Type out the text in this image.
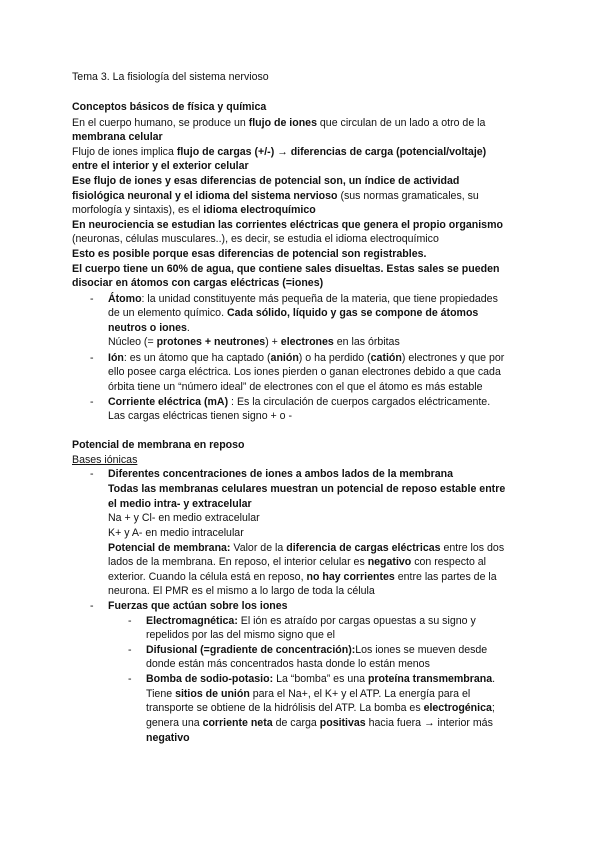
Tema 3. La fisiología del sistema nervioso
Conceptos básicos de física y química
En el cuerpo humano, se produce un flujo de iones que circulan de un lado a otro de la
membrana celular
Flujo de iones implica flujo de cargas (+/-) → diferencias de carga (potencial/voltaje)
entre el interior y el exterior celular
Ese flujo de iones y esas diferencias de potencial son, un índice de actividad
fisiológica neuronal y el idioma del sistema nervioso (sus normas gramaticales, su
morfología y sintaxis), es el idioma electroquímico
En neurociencia se estudian las corrientes eléctricas que genera el propio organismo
(neuronas, células musculares..), es decir, se estudia el idioma electroquímico
Esto es posible porque esas diferencias de potencial son registrables.
El cuerpo tiene un 60% de agua, que contiene sales disueltas. Estas sales se pueden
disociar en átomos con cargas eléctricas (=iones)
- Átomo: la unidad constituyente más pequeña de la materia, que tiene propiedades
de un elemento químico. Cada sólido, líquido y gas se compone de átomos
neutros o iones.
Núcleo (= protones + neutrones) + electrones en las órbitas
- Ión: es un átomo que ha captado (anión) o ha perdido (catión) electrones y que por
ello posee carga eléctrica. Los iones pierden o ganan electrones debido a que cada
órbita tiene un “número ideal” de electrones con el que el átomo es más estable
- Corriente eléctrica (mA) : Es la circulación de cuerpos cargados eléctricamente.
Las cargas eléctricas tienen signo + o -
Potencial de membrana en reposo
Bases iónicas
- Diferentes concentraciones de iones a ambos lados de la membrana
Todas las membranas celulares muestran un potencial de reposo estable entre
el medio intra- y extracelular
Na + y Cl- en medio extracelular
K+ y A- en medio intracelular
Potencial de membrana: Valor de la diferencia de cargas eléctricas entre los dos
lados de la membrana. En reposo, el interior celular es negativo con respecto al
exterior. Cuando la célula está en reposo, no hay corrientes entre las partes de la
neurona. El PMR es el mismo a lo largo de toda la célula
- Fuerzas que actúan sobre los iones
- Electromagnética: El ión es atraído por cargas opuestas a su signo y
repelidos por las del mismo signo que el
- Difusional (=gradiente de concentración):Los iones se mueven desde
donde están más concentrados hasta donde lo están menos
- Bomba de sodio-potasio: La “bomba” es una proteína transmembrana.
Tiene sitios de unión para el Na+, el K+ y el ATP. La energía para el
transporte se obtiene de la hidrólisis del ATP. La bomba es electrogénica;
genera una corriente neta de carga positivas hacia fuera → interior más
negativo
